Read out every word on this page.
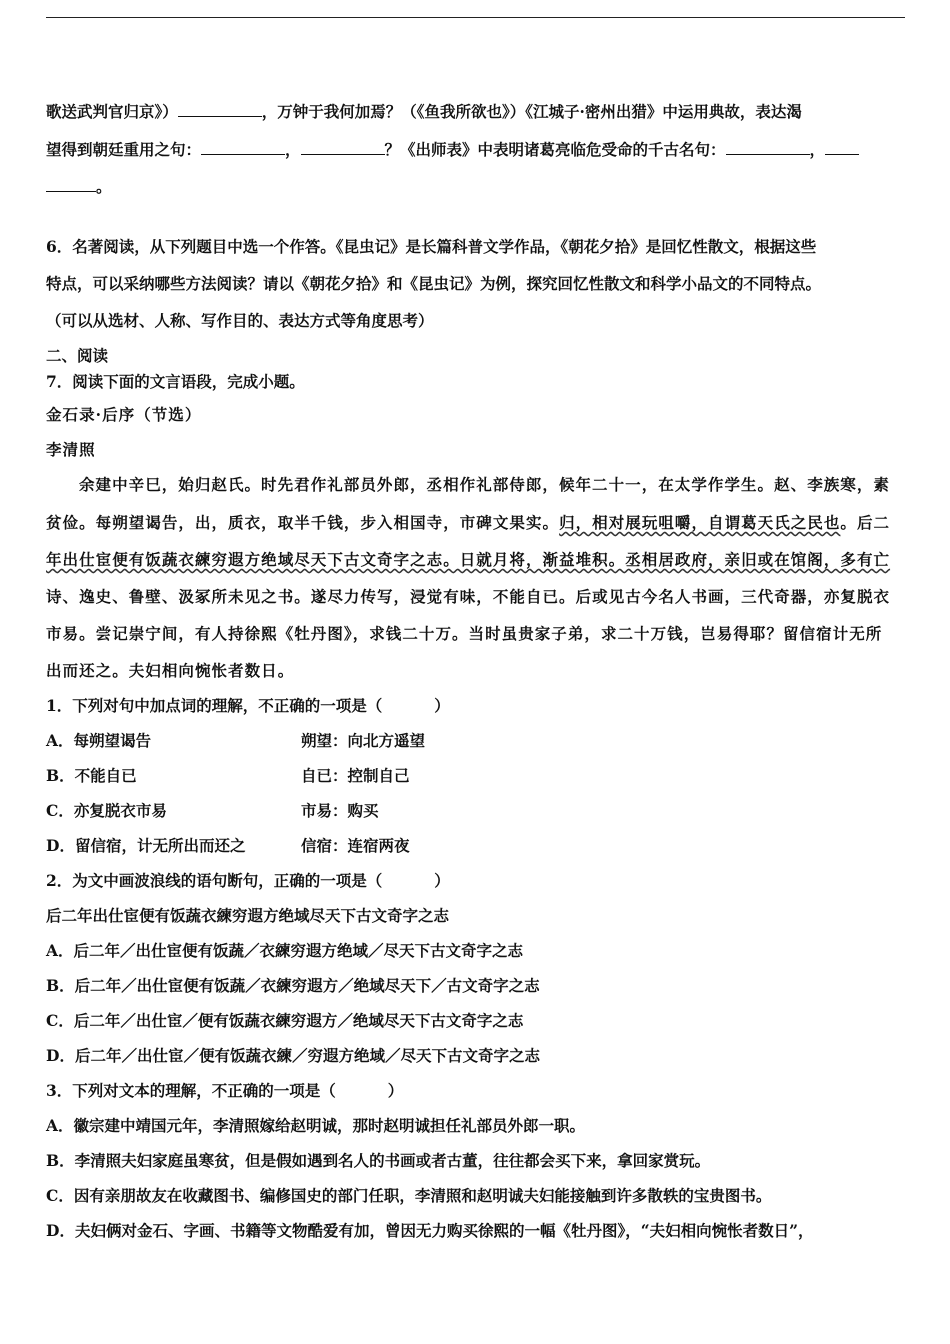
歌送武判官归京》）	，万钟于我何加焉？（《鱼我所欲也》）《江城子·密州出猎》中运用典故，表达渴
望得到朝廷重用之句：	，	？《出师表》中表明诸葛亮临危受命的千古名句：	，
。
6．名著阅读，从下列题目中选一个作答。《昆虫记》是长篇科普文学作品，《朝花夕拾》是回忆性散文，根据这些
特点，可以采纳哪些方法阅读？请以《朝花夕拾》和《昆虫记》为例，探究回忆性散文和科学小品文的不同特点。
（可以从选材、人称、写作目的、表达方式等角度思考）
二、阅读
7．阅读下面的文言语段，完成小题。
金石录·后序（节选）
李清照
余建中辛巳，始归赵氏。时先君作礼部员外郎，丞相作礼部侍郎，候年二十一，在太学作学生。赵、李族寒，素
贫俭。每朔望谒告，出，质衣，取半千钱，步入相国寺，市碑文果实。归，相对展玩咀嚼，自谓葛天氏之民也。后二
年出仕宦便有饭蔬衣練穷遐方绝域尽天下古文奇字之志。日就月将，渐益堆积。丞相居政府，亲旧或在馆阁，多有亡
诗、逸史、鲁壁、汲冢所未见之书。遂尽力传写，浸觉有味，不能自已。后或见古今名人书画，三代奇器，亦复脱衣
市易。尝记崇宁间，有人持徐熙《牡丹图》，求钱二十万。当时虽贵家子弟，求二十万钱，岂易得耶？留信宿计无所
出而还之。夫妇相向惋怅者数日。
1．下列对句中加点词的理解，不正确的一项是（	）
A．每朔望谒告	朔望：向北方遥望
B．不能自已	自已：控制自己
C．亦复脱衣市易	市易：购买
D．留信宿，计无所出而还之	信宿：连宿两夜
2．为文中画波浪线的语句断句，正确的一项是（	）
后二年出仕宦便有饭蔬衣練穷遐方绝域尽天下古文奇字之志
A．后二年／出仕宦便有饭蔬／衣練穷遐方绝域／尽天下古文奇字之志
B．后二年／出仕宦便有饭蔬／衣練穷遐方／绝域尽天下／古文奇字之志
C．后二年／出仕宦／便有饭蔬衣練穷遐方／绝域尽天下古文奇字之志
D．后二年／出仕宦／便有饭蔬衣練／穷遐方绝域／尽天下古文奇字之志
3．下列对文本的理解，不正确的一项是（	）
A．徽宗建中靖国元年，李清照嫁给赵明诚，那时赵明诚担任礼部员外郎一职。
B．李清照夫妇家庭虽寒贫，但是假如遇到名人的书画或者古董，往往都会买下来，拿回家赏玩。
C．因有亲朋故友在收藏图书、编修国史的部门任职，李清照和赵明诚夫妇能接触到许多散轶的宝贵图书。
D．夫妇俩对金石、字画、书籍等文物酷爱有加，曾因无力购买徐熙的一幅《牡丹图》，“夫妇相向惋怅者数日”，
